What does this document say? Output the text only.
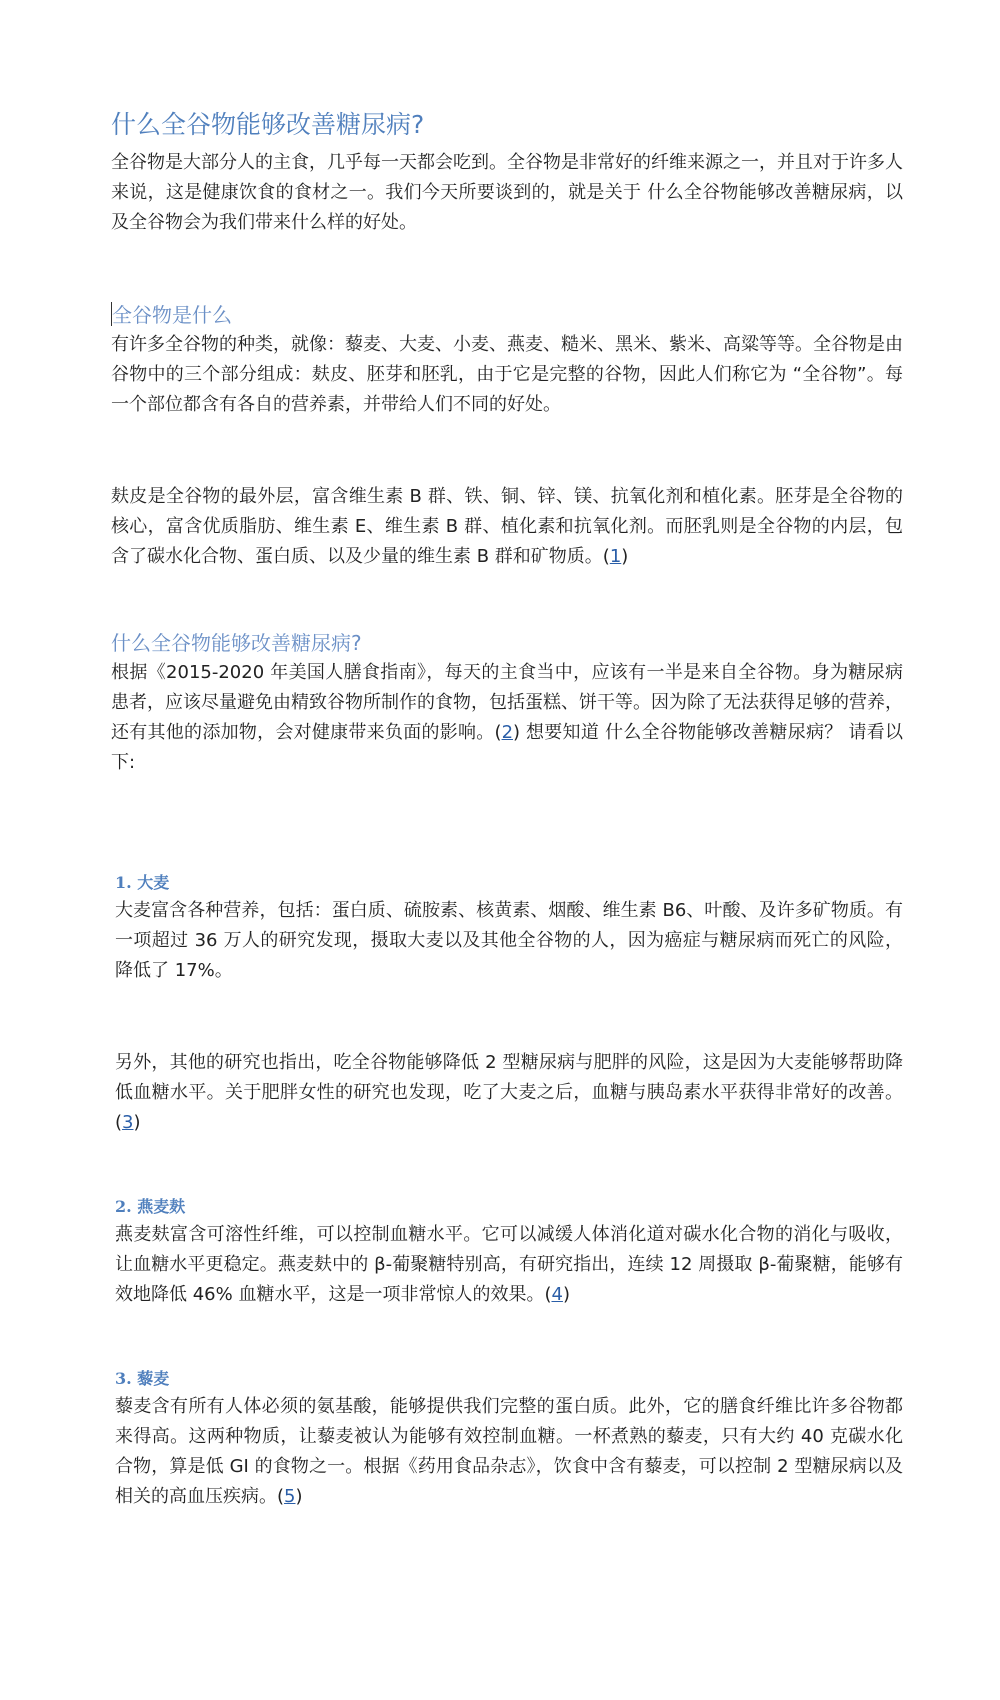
什么全谷物能够改善糖尿病?

全谷物是大部分人的主食，几乎每一天都会吃到。全谷物是非常好的纤维来源之一，并且对于许多人来说，这是健康饮食的食材之一。我们今天所要谈到的，就是关于 什么全谷物能够改善糖尿病，以及全谷物会为我们带来什么样的好处。

全谷物是什么

有许多全谷物的种类，就像：藜麦、大麦、小麦、燕麦、糙米、黑米、紫米、高粱等等。全谷物是由谷物中的三个部分组成：麸皮、胚芽和胚乳，由于它是完整的谷物，因此人们称它为 “全谷物”。每一个部位都含有各自的营养素，并带给人们不同的好处。

麸皮是全谷物的最外层，富含维生素 B 群、铁、铜、锌、镁、抗氧化剂和植化素。胚芽是全谷物的核心，富含优质脂肪、维生素 E、维生素 B 群、植化素和抗氧化剂。而胚乳则是全谷物的内层，包含了碳水化合物、蛋白质、以及少量的维生素 B 群和矿物质。(1)

什么全谷物能够改善糖尿病?

根据《2015-2020 年美国人膳食指南》，每天的主食当中，应该有一半是来自全谷物。身为糖尿病患者，应该尽量避免由精致谷物所制作的食物，包括蛋糕、饼干等。因为除了无法获得足够的营养，还有其他的添加物，会对健康带来负面的影响。(2) 想要知道 什么全谷物能够改善糖尿病？ 请看以下:

1. 大麦

大麦富含各种营养，包括：蛋白质、硫胺素、核黄素、烟酸、维生素 B6、叶酸、及许多矿物质。有一项超过 36 万人的研究发现，摄取大麦以及其他全谷物的人，因为癌症与糖尿病而死亡的风险，降低了 17%。

另外，其他的研究也指出，吃全谷物能够降低 2 型糖尿病与肥胖的风险，这是因为大麦能够帮助降低血糖水平。关于肥胖女性的研究也发现，吃了大麦之后，血糖与胰岛素水平获得非常好的改善。(3)

2. 燕麦麸

燕麦麸富含可溶性纤维，可以控制血糖水平。它可以减缓人体消化道对碳水化合物的消化与吸收，让血糖水平更稳定。燕麦麸中的 β-葡聚糖特别高，有研究指出，连续 12 周摄取 β-葡聚糖，能够有效地降低 46% 血糖水平，这是一项非常惊人的效果。(4)

3. 藜麦

藜麦含有所有人体必须的氨基酸，能够提供我们完整的蛋白质。此外，它的膳食纤维比许多谷物都来得高。这两种物质，让藜麦被认为能够有效控制血糖。一杯煮熟的藜麦，只有大约 40 克碳水化合物，算是低 GI 的食物之一。根据《药用食品杂志》，饮食中含有藜麦，可以控制 2 型糖尿病以及相关的高血压疾病。(5)
